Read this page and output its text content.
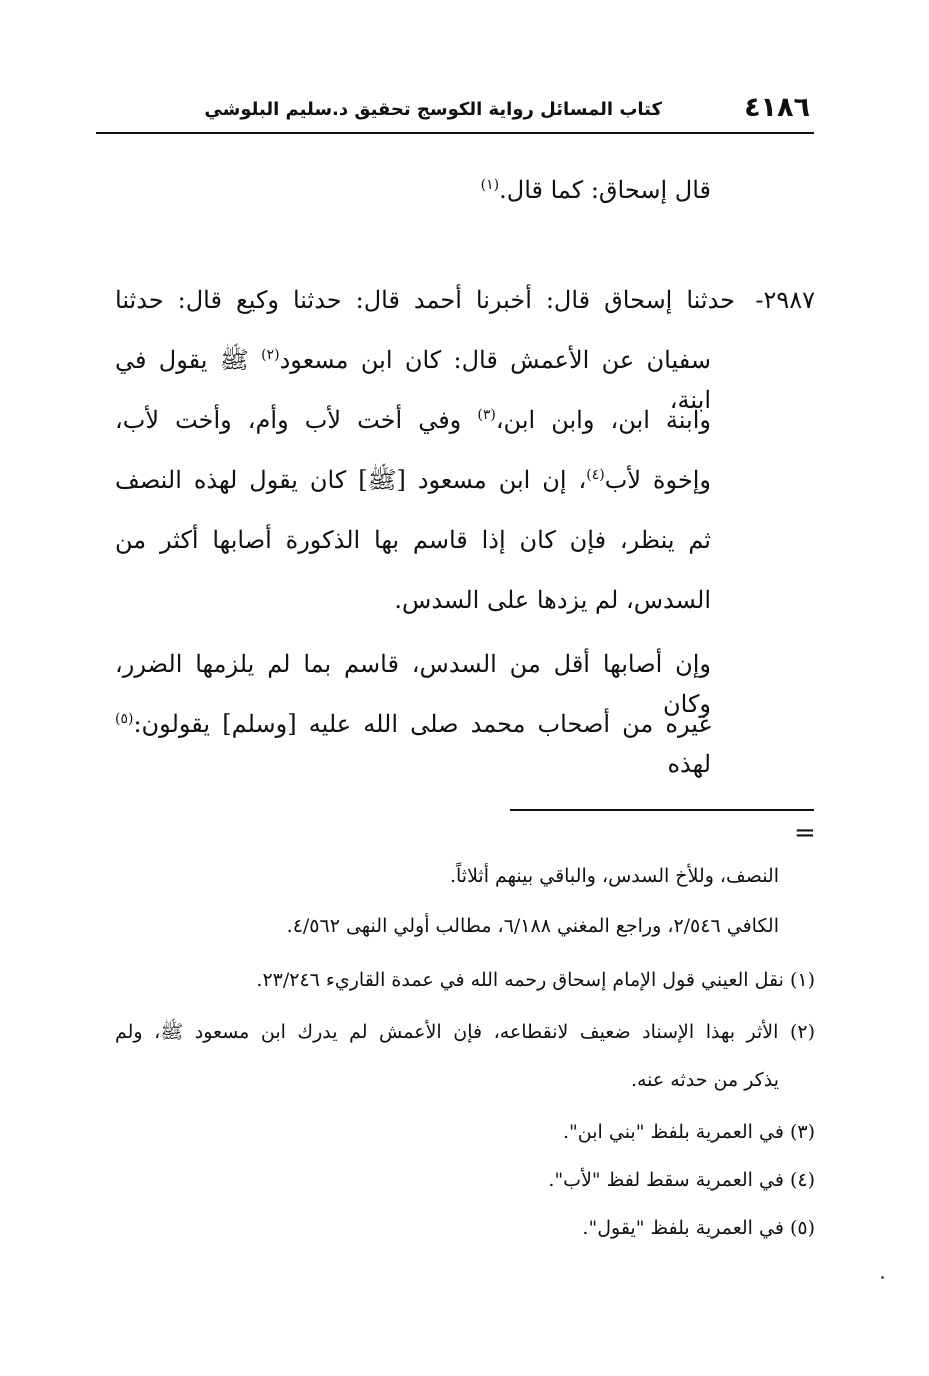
٤١٨٦
كتاب المسائل رواية الكوسج تحقيق د.سليم البلوشي
قال إسحاق: كما قال.$^{(١)}$
٢٩٨٧-
حدثنا إسحاق قال: أخبرنا أحمد قال: حدثنا وكيع قال: حدثنا
سفيان عن الأعمش قال: كان ابن مسعود$^{(٢)}$ ﷺ يقول في ابنة،
وابنة ابن، وابن ابن،$^{(٣)}$ وفي أخت لأب وأم، وأخت لأب،
وإخوة لأب$^{(٤)}$، إن ابن مسعود [ﷺ] كان يقول لهذه النصف
ثم ينظر، فإن كان إذا قاسم بها الذكورة أصابها أكثر من
السدس، لم يزدها على السدس.
وإن أصابها أقل من السدس، قاسم بما لم يلزمها الضرر، وكان
غيره من أصحاب محمد صلى الله عليه [وسلم] يقولون:$^{(٥)}$ لهذه
=
النصف، وللأخ السدس، والباقي بينهم أثلاثاً.
الكافي ٢/٥٤٦، وراجع المغني ٦/١٨٨، مطالب أولي النهى ٤/٥٦٢.
(١) نقل العيني قول الإمام إسحاق رحمه الله في عمدة القاريء ٢٣/٢٤٦.
(٢) الأثر بهذا الإسناد ضعيف لانقطاعه، فإن الأعمش لم يدرك ابن مسعود ﷺ، ولم
يذكر من حدثه عنه.
(٣) في العمرية بلفظ "بني ابن".
(٤) في العمرية سقط لفظ "لأب".
(٥) في العمرية بلفظ "يقول".
